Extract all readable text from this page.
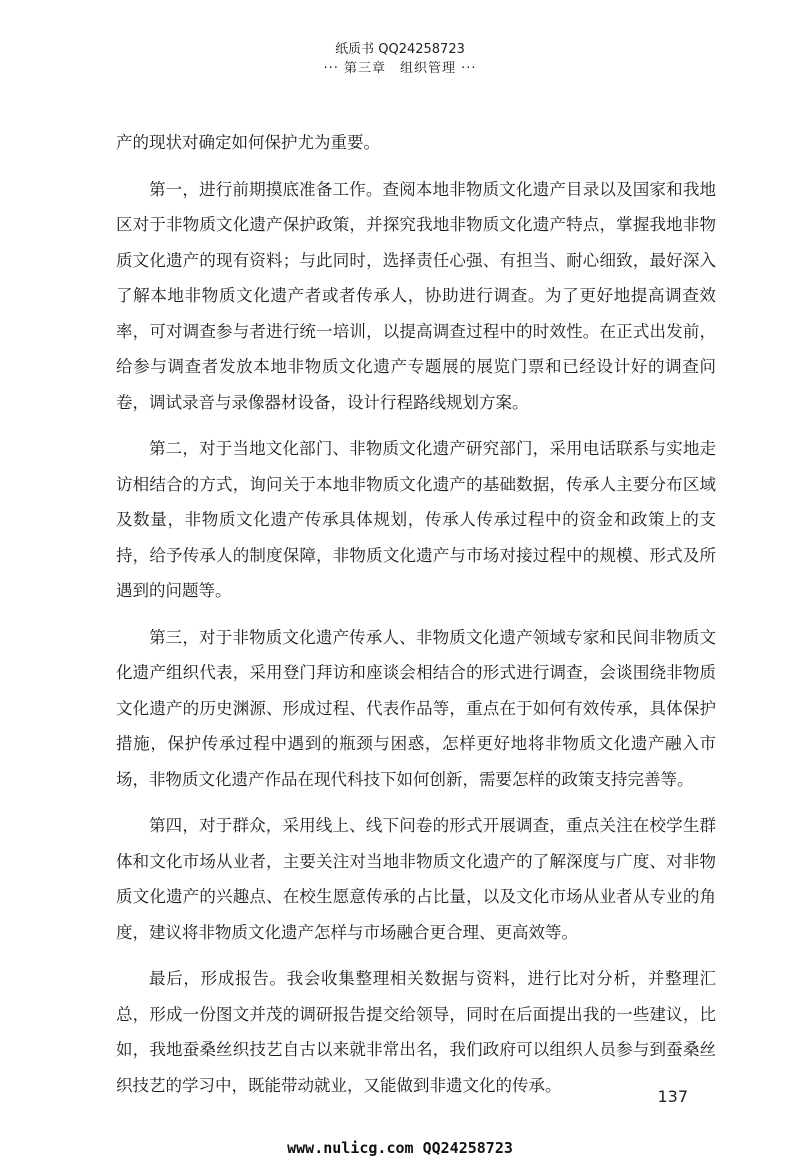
纸质书 QQ24258723
··· 第三章　组织管理 ···

产的现状对确定如何保护尤为重要。

第一，进行前期摸底准备工作。查阅本地非物质文化遗产目录以及国家和我地区对于非物质文化遗产保护政策，并探究我地非物质文化遗产特点，掌握我地非物质文化遗产的现有资料；与此同时，选择责任心强、有担当、耐心细致，最好深入了解本地非物质文化遗产者或者传承人，协助进行调查。为了更好地提高调查效率，可对调查参与者进行统一培训，以提高调查过程中的时效性。在正式出发前，给参与调查者发放本地非物质文化遗产专题展的展览门票和已经设计好的调查问卷，调试录音与录像器材设备，设计行程路线规划方案。

第二，对于当地文化部门、非物质文化遗产研究部门，采用电话联系与实地走访相结合的方式，询问关于本地非物质文化遗产的基础数据，传承人主要分布区域及数量，非物质文化遗产传承具体规划，传承人传承过程中的资金和政策上的支持，给予传承人的制度保障，非物质文化遗产与市场对接过程中的规模、形式及所遇到的问题等。

第三，对于非物质文化遗产传承人、非物质文化遗产领域专家和民间非物质文化遗产组织代表，采用登门拜访和座谈会相结合的形式进行调查，会谈围绕非物质文化遗产的历史渊源、形成过程、代表作品等，重点在于如何有效传承，具体保护措施，保护传承过程中遇到的瓶颈与困惑，怎样更好地将非物质文化遗产融入市场，非物质文化遗产作品在现代科技下如何创新，需要怎样的政策支持完善等。

第四，对于群众，采用线上、线下问卷的形式开展调查，重点关注在校学生群体和文化市场从业者，主要关注对当地非物质文化遗产的了解深度与广度、对非物质文化遗产的兴趣点、在校生愿意传承的占比量，以及文化市场从业者从专业的角度，建议将非物质文化遗产怎样与市场融合更合理、更高效等。

最后，形成报告。我会收集整理相关数据与资料，进行比对分析，并整理汇总，形成一份图文并茂的调研报告提交给领导，同时在后面提出我的一些建议，比如，我地蚕桑丝织技艺自古以来就非常出名，我们政府可以组织人员参与到蚕桑丝织技艺的学习中，既能带动就业，又能做到非遗文化的传承。

137
www.nulicg.com QQ24258723
